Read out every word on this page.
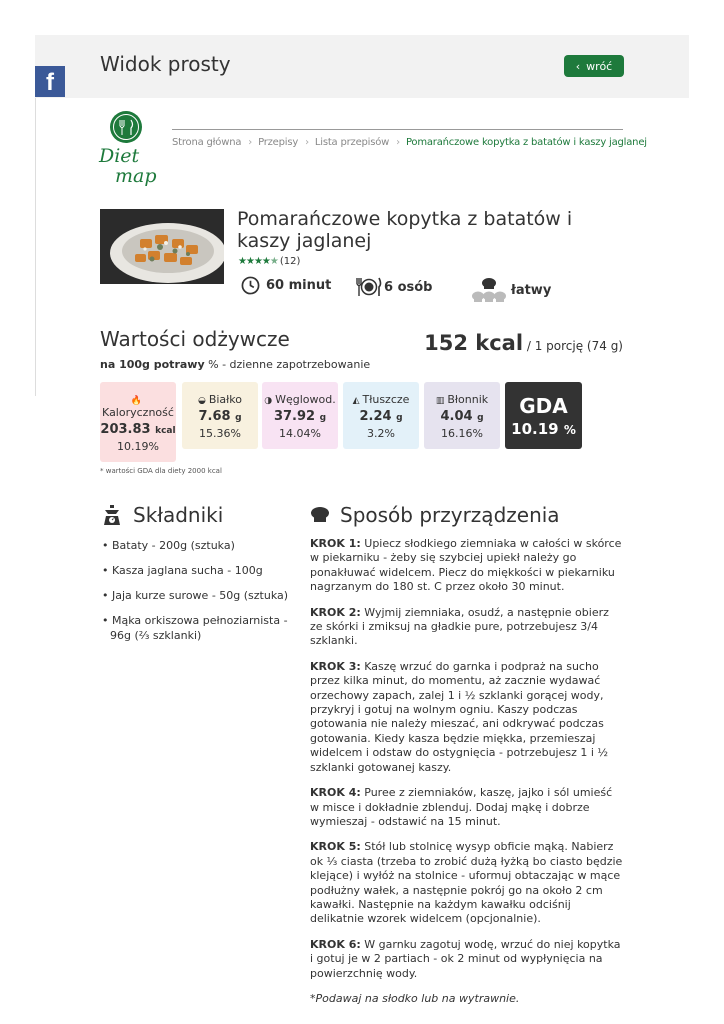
Widok prosty	‹ wróć
f
Diet
map
Strona główna › Przepisy › Lista przepisów › Pomarańczowe kopytka z batatów i kaszy jaglanej
Pomarańczowe kopytka z batatów i kaszy jaglanej
★★★★★ (12)
60 minut	6 osób	łatwy
Wartości odżywcze
na 100g potrawy % - dzienne zapotrzebowanie
152 kcal / 1 porcję (74 g)
🔥
Kaloryczność
203.83 kcal
10.19%
◒ Białko
7.68 g
15.36%
◑ Węglowod.
37.92 g
14.04%
◭ Tłuszcze
2.24 g
3.2%
▥ Błonnik
4.04 g
16.16%
GDA
10.19 %
* wartości GDA dla diety 2000 kcal
Składniki
• Bataty - 200g (sztuka)
• Kasza jaglana sucha - 100g
• Jaja kurze surowe - 50g (sztuka)
• Mąka orkiszowa pełnoziarnista - 96g (⅔ szklanki)
Sposób przyrządzenia

KROK 1: Upiecz słodkiego ziemniaka w całości w skórce w piekarniku - żeby się szybciej upiekł należy go ponakłuwać widelcem. Piecz do miękkości w piekarniku nagrzanym do 180 st. C przez około 30 minut.

KROK 2: Wyjmij ziemniaka, osudź, a następnie obierz ze skórki i zmiksuj na gładkie pure, potrzebujesz 3/4 szklanki.

KROK 3: Kaszę wrzuć do garnka i podpraż na sucho przez kilka minut, do momentu, aż zacznie wydawać orzechowy zapach, zalej 1 i ½ szklanki gorącej wody, przykryj i gotuj na wolnym ogniu. Kaszy podczas gotowania nie należy mieszać, ani odkrywać podczas gotowania. Kiedy kasza będzie miękka, przemieszaj widelcem i odstaw do ostygnięcia - potrzebujesz 1 i ½ szklanki gotowanej kaszy.

KROK 4: Puree z ziemniaków, kaszę, jajko i sól umieść w misce i dokładnie zblenduj. Dodaj mąkę i dobrze wymieszaj - odstawić na 15 minut.

KROK 5: Stół lub stolnicę wysyp obficie mąką. Nabierz ok ⅓ ciasta (trzeba to zrobić dużą łyżką bo ciasto będzie klejące) i wyłóż na stolnice - uformuj obtaczając w mące podłużny wałek, a następnie pokrój go na około 2 cm kawałki. Następnie na każdym kawałku odciśnij delikatnie wzorek widelcem (opcjonalnie).

KROK 6: W garnku zagotuj wodę, wrzuć do niej kopytka i gotuj je w 2 partiach - ok 2 minut od wypłynięcia na powierzchnię wody.

*Podawaj na słodko lub na wytrawnie.
